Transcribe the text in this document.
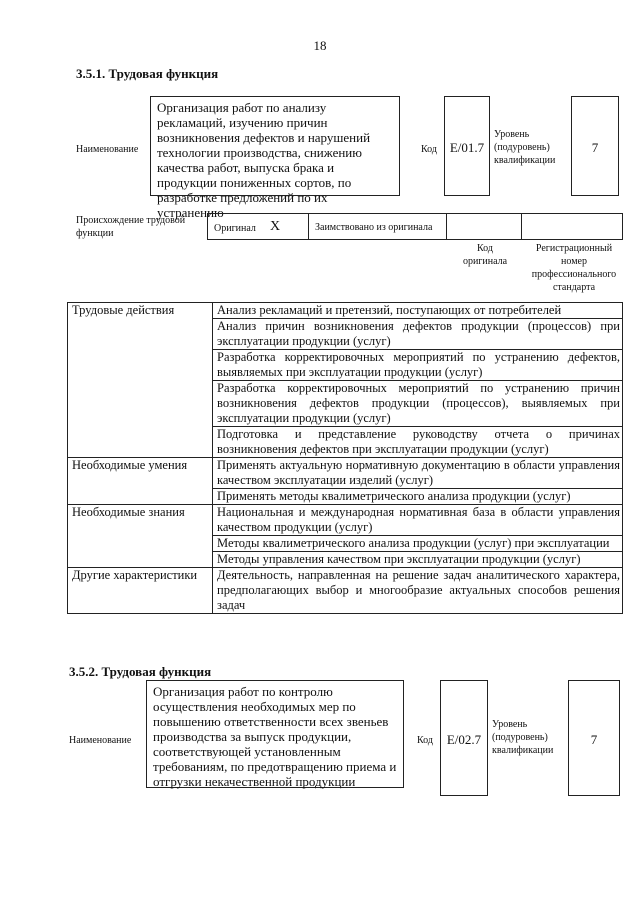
18
3.5.1. Трудовая функция
Наименование
Организация работ по анализу рекламаций, изучению причин возникновения дефектов и нарушений технологии производства, снижению качества работ, выпуска брака и продукции пониженных сортов, по разработке предложений по их устранению
Код E/01.7
Уровень (подуровень) квалификации
7
Происхождение трудовой функции	Оригинал X	Заимствовано из оригинала
Код оригинала
Регистрационный номер профессионального стандарта
Трудовые действия	Анализ рекламаций и претензий, поступающих от потребителей
	Анализ причин возникновения дефектов продукции (процессов) при эксплуатации продукции (услуг)
	Разработка корректировочных мероприятий по устранению дефектов, выявляемых при эксплуатации продукции (услуг)
	Разработка корректировочных мероприятий по устранению причин возникновения дефектов продукции (процессов), выявляемых при эксплуатации продукции (услуг)
	Подготовка и представление руководству отчета о причинах возникновения дефектов при эксплуатации продукции (услуг)
Необходимые умения	Применять актуальную нормативную документацию в области управления качеством эксплуатации изделий (услуг)
	Применять методы квалиметрического анализа продукции (услуг)
Необходимые знания	Национальная и международная нормативная база в области управления качеством продукции (услуг)
	Методы квалиметрического анализа продукции (услуг) при эксплуатации
	Методы управления качеством при эксплуатации продукции (услуг)
Другие характеристики	Деятельность, направленная на решение задач аналитического характера, предполагающих выбор и многообразие актуальных способов решения задач
3.5.2. Трудовая функция
Наименование
Организация работ по контролю осуществления необходимых мер по повышению ответственности всех звеньев производства за выпуск продукции, соответствующей установленным требованиям, по предотвращению приема и отгрузки некачественной продукции
Код	E/02.7
Уровень (подуровень) квалификации
7
